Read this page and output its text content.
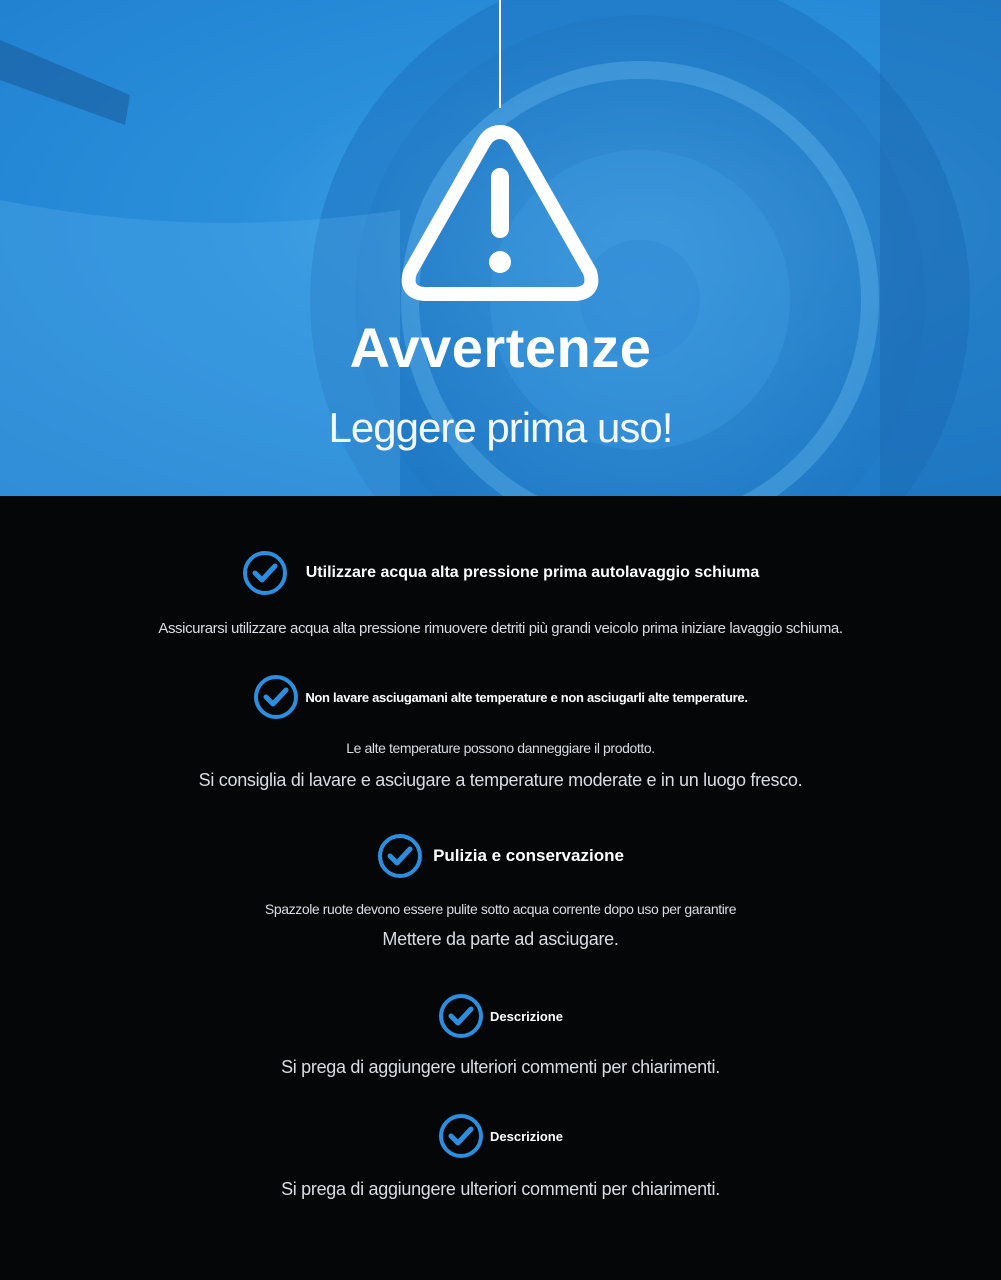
Avvertenze
Leggere prima uso!
Utilizzare acqua alta pressione prima autolavaggio schiuma
Assicurarsi utilizzare acqua alta pressione rimuovere detriti più grandi veicolo prima iniziare lavaggio schiuma.
Non lavare asciugamani alte temperature e non asciugarli alte temperature.
Le alte temperature possono danneggiare il prodotto.
Si consiglia di lavare e asciugare a temperature moderate e in un luogo fresco.
Pulizia e conservazione
Spazzole ruote devono essere pulite sotto acqua corrente dopo uso per garantire
Mettere da parte ad asciugare.
Descrizione
Si prega di aggiungere ulteriori commenti per chiarimenti.
Descrizione
Si prega di aggiungere ulteriori commenti per chiarimenti.
